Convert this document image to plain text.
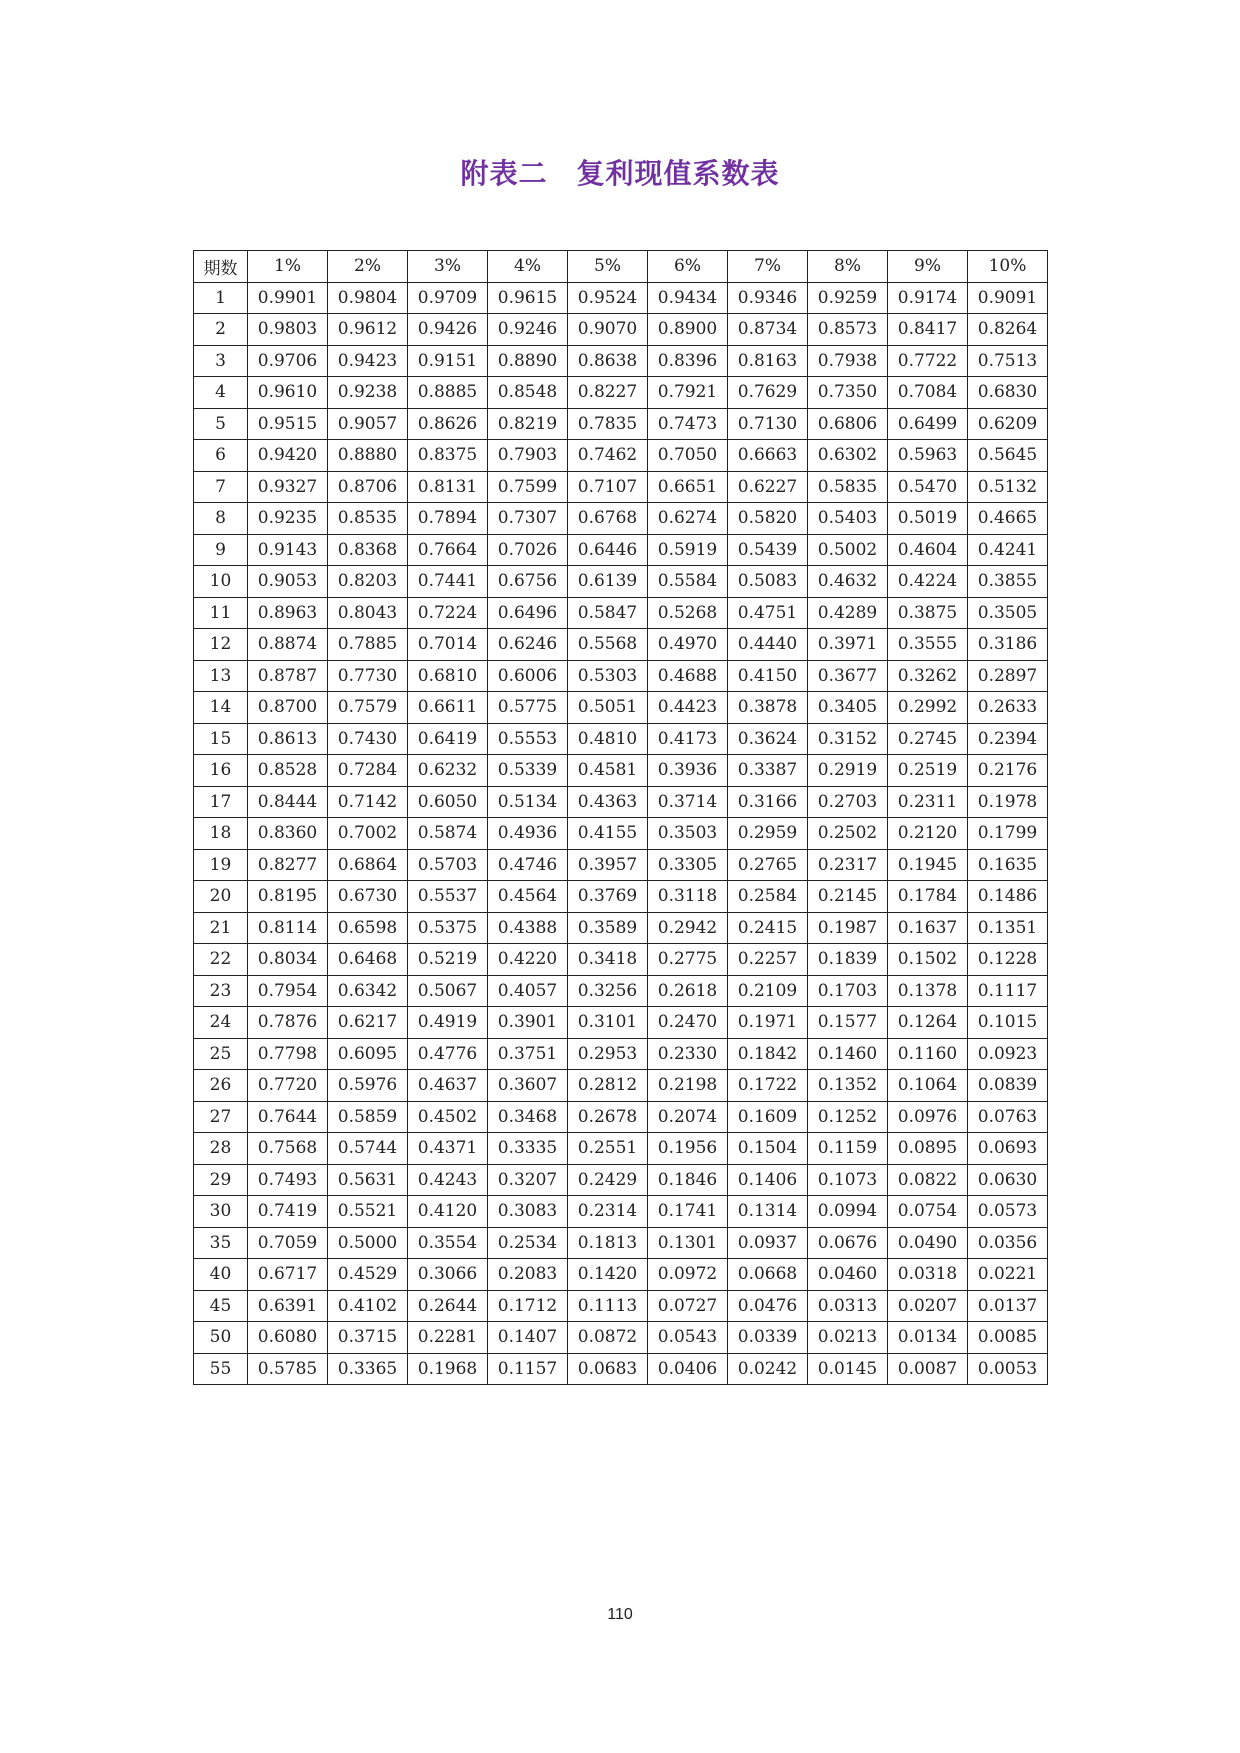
附表二　复利现值系数表
期数	1%	2%	3%	4%	5%	6%	7%	8%	9%	10%
1	0.9901	0.9804	0.9709	0.9615	0.9524	0.9434	0.9346	0.9259	0.9174	0.9091
2	0.9803	0.9612	0.9426	0.9246	0.9070	0.8900	0.8734	0.8573	0.8417	0.8264
3	0.9706	0.9423	0.9151	0.8890	0.8638	0.8396	0.8163	0.7938	0.7722	0.7513
4	0.9610	0.9238	0.8885	0.8548	0.8227	0.7921	0.7629	0.7350	0.7084	0.6830
5	0.9515	0.9057	0.8626	0.8219	0.7835	0.7473	0.7130	0.6806	0.6499	0.6209
6	0.9420	0.8880	0.8375	0.7903	0.7462	0.7050	0.6663	0.6302	0.5963	0.5645
7	0.9327	0.8706	0.8131	0.7599	0.7107	0.6651	0.6227	0.5835	0.5470	0.5132
8	0.9235	0.8535	0.7894	0.7307	0.6768	0.6274	0.5820	0.5403	0.5019	0.4665
9	0.9143	0.8368	0.7664	0.7026	0.6446	0.5919	0.5439	0.5002	0.4604	0.4241
10	0.9053	0.8203	0.7441	0.6756	0.6139	0.5584	0.5083	0.4632	0.4224	0.3855
11	0.8963	0.8043	0.7224	0.6496	0.5847	0.5268	0.4751	0.4289	0.3875	0.3505
12	0.8874	0.7885	0.7014	0.6246	0.5568	0.4970	0.4440	0.3971	0.3555	0.3186
13	0.8787	0.7730	0.6810	0.6006	0.5303	0.4688	0.4150	0.3677	0.3262	0.2897
14	0.8700	0.7579	0.6611	0.5775	0.5051	0.4423	0.3878	0.3405	0.2992	0.2633
15	0.8613	0.7430	0.6419	0.5553	0.4810	0.4173	0.3624	0.3152	0.2745	0.2394
16	0.8528	0.7284	0.6232	0.5339	0.4581	0.3936	0.3387	0.2919	0.2519	0.2176
17	0.8444	0.7142	0.6050	0.5134	0.4363	0.3714	0.3166	0.2703	0.2311	0.1978
18	0.8360	0.7002	0.5874	0.4936	0.4155	0.3503	0.2959	0.2502	0.2120	0.1799
19	0.8277	0.6864	0.5703	0.4746	0.3957	0.3305	0.2765	0.2317	0.1945	0.1635
20	0.8195	0.6730	0.5537	0.4564	0.3769	0.3118	0.2584	0.2145	0.1784	0.1486
21	0.8114	0.6598	0.5375	0.4388	0.3589	0.2942	0.2415	0.1987	0.1637	0.1351
22	0.8034	0.6468	0.5219	0.4220	0.3418	0.2775	0.2257	0.1839	0.1502	0.1228
23	0.7954	0.6342	0.5067	0.4057	0.3256	0.2618	0.2109	0.1703	0.1378	0.1117
24	0.7876	0.6217	0.4919	0.3901	0.3101	0.2470	0.1971	0.1577	0.1264	0.1015
25	0.7798	0.6095	0.4776	0.3751	0.2953	0.2330	0.1842	0.1460	0.1160	0.0923
26	0.7720	0.5976	0.4637	0.3607	0.2812	0.2198	0.1722	0.1352	0.1064	0.0839
27	0.7644	0.5859	0.4502	0.3468	0.2678	0.2074	0.1609	0.1252	0.0976	0.0763
28	0.7568	0.5744	0.4371	0.3335	0.2551	0.1956	0.1504	0.1159	0.0895	0.0693
29	0.7493	0.5631	0.4243	0.3207	0.2429	0.1846	0.1406	0.1073	0.0822	0.0630
30	0.7419	0.5521	0.4120	0.3083	0.2314	0.1741	0.1314	0.0994	0.0754	0.0573
35	0.7059	0.5000	0.3554	0.2534	0.1813	0.1301	0.0937	0.0676	0.0490	0.0356
40	0.6717	0.4529	0.3066	0.2083	0.1420	0.0972	0.0668	0.0460	0.0318	0.0221
45	0.6391	0.4102	0.2644	0.1712	0.1113	0.0727	0.0476	0.0313	0.0207	0.0137
50	0.6080	0.3715	0.2281	0.1407	0.0872	0.0543	0.0339	0.0213	0.0134	0.0085
55	0.5785	0.3365	0.1968	0.1157	0.0683	0.0406	0.0242	0.0145	0.0087	0.0053
110
